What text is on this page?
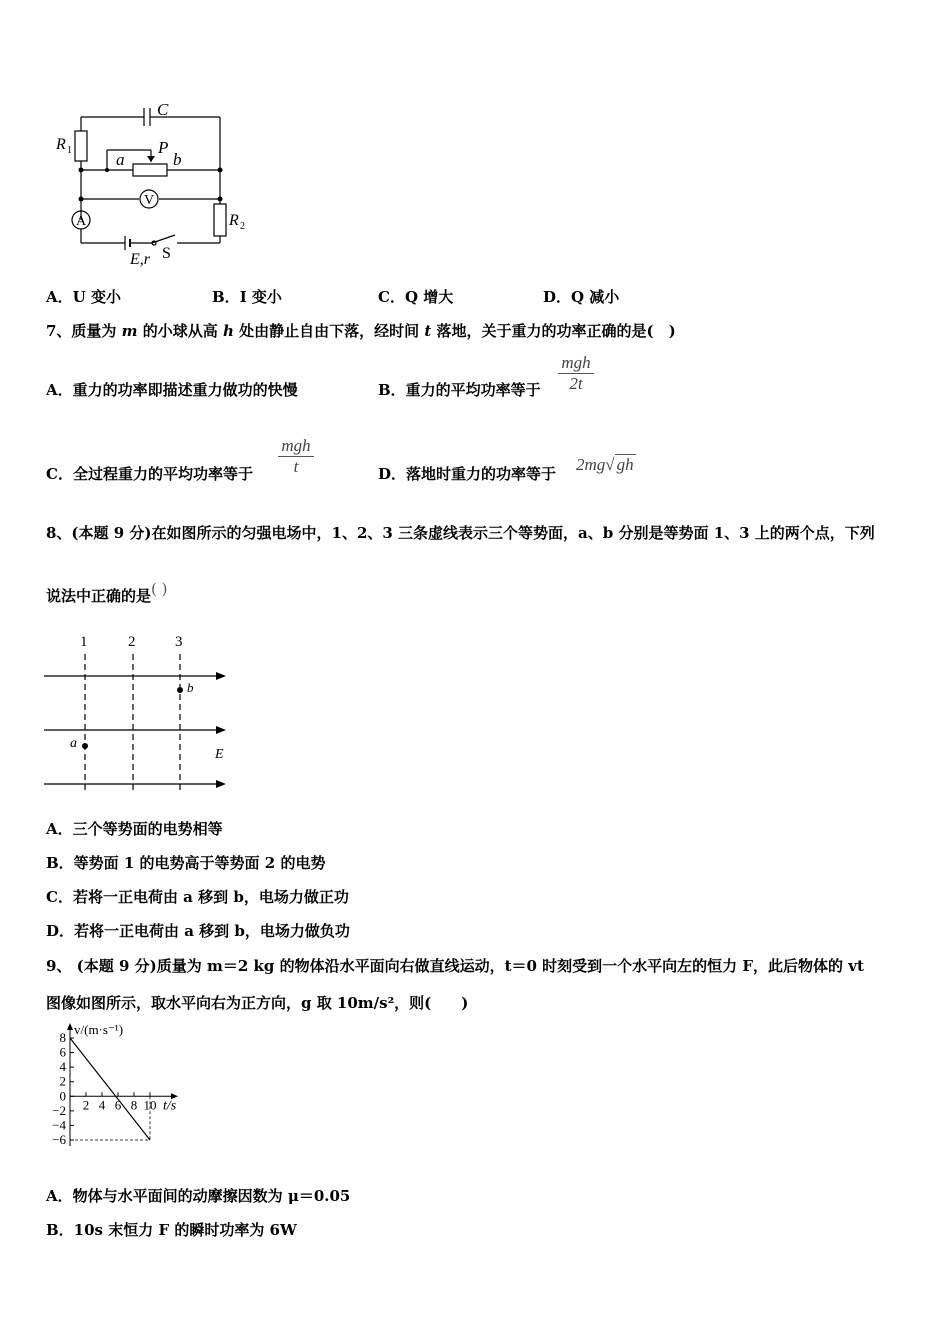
C
R 1	a
P
b
V
A	R 2
E,r S
A．U 变小	B．I 变小	C．Q 增大	D．Q 减小
7、质量为 m 的小球从高 h 处由静止自由下落，经时间 t 落地，关于重力的功率正确的是(　)
A．重力的功率即描述重力做功的快慢	B．重力的平均功率等于
mgh
2t
C．全过程重力的平均功率等于
mgh
t	D．落地时重力的功率等于 2mg√ gh
8、(本题 9 分)在如图所示的匀强电场中，1、2、3 三条虚线表示三个等势面，a、b 分别是等势面 1、3 上的两个点，下列
说法中正确的是( )
1	2	3
a
b
E
A．三个等势面的电势相等
B．等势面 1 的电势高于等势面 2 的电势
C．若将一正电荷由 a 移到 b，电场力做正功
D．若将一正电荷由 a 移到 b，电场力做负功
9、 (本题 9 分)质量为 m＝2 kg 的物体沿水平面向右做直线运动，t＝0 时刻受到一个水平向左的恒力 F，此后物体的 vt
图像如图所示，取水平向右为正方向，g 取 10m/s²，则(　　)
8
6
4
2
0
−2
−4
−6
2 4 6 8 10
v/(m·s⁻¹)
t/s
A．物体与水平面间的动摩擦因数为 μ＝0.05
B．10s 末恒力 F 的瞬时功率为 6W
